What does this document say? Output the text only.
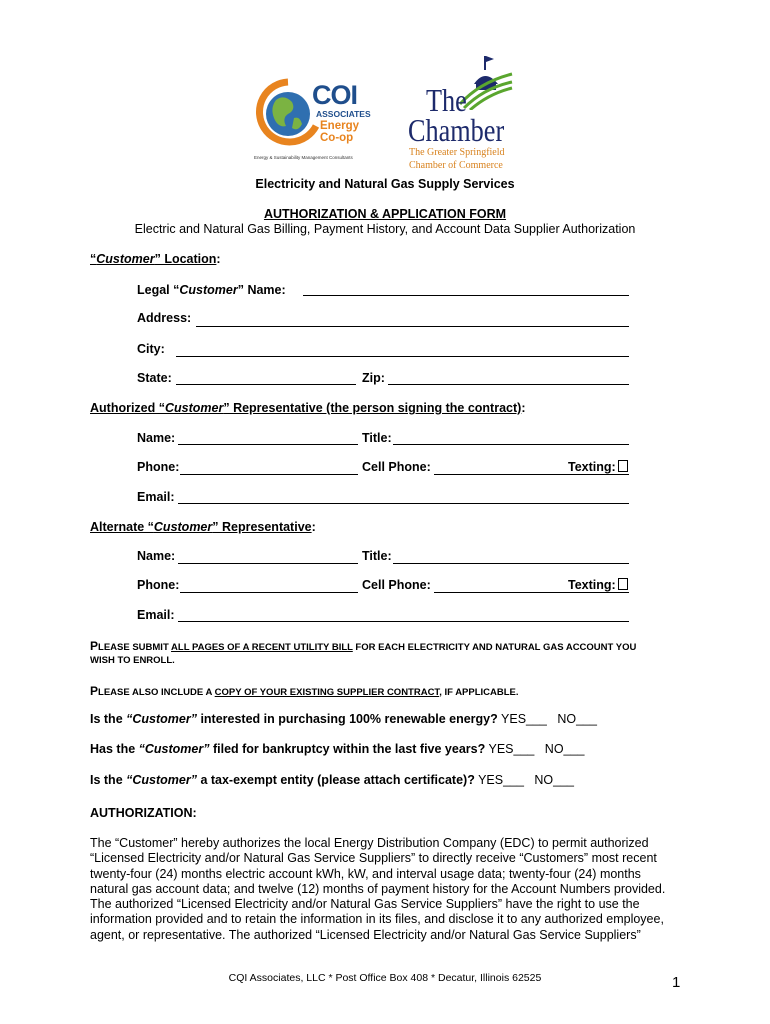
COI
ASSOCIATES
Energy
Co-op
Energy & Sustainability Management Consultants
The
Chamber
The Greater Springfield
Chamber of Commerce
Electricity and Natural Gas Supply Services
AUTHORIZATION & APPLICATION FORM
Electric and Natural Gas Billing, Payment History, and Account Data Supplier Authorization
“Customer” Location:
Legal “Customer” Name:
Address:
City:
State:	Zip:
Authorized “Customer” Representative (the person signing the contract):
Name:	Title:
Phone:	Cell Phone:	Texting:
Email:
Alternate “Customer” Representative:
Name:	Title:
Phone:	Cell Phone:	Texting:
Email:
PLEASE SUBMIT ALL PAGES OF A RECENT UTILITY BILL FOR EACH ELECTRICITY AND NATURAL GAS ACCOUNT YOU
WISH TO ENROLL.
PLEASE ALSO INCLUDE A COPY OF YOUR EXISTING SUPPLIER CONTRACT, IF APPLICABLE.
Is the “Customer” interested in purchasing 100% renewable energy? YES___ NO___
Has the “Customer” filed for bankruptcy within the last five years? YES___ NO___
Is the “Customer” a tax-exempt entity (please attach certificate)? YES___ NO___
AUTHORIZATION:
The “Customer” hereby authorizes the local Energy Distribution Company (EDC) to permit authorized
“Licensed Electricity and/or Natural Gas Service Suppliers” to directly receive “Customers” most recent
twenty-four (24) months electric account kWh, kW, and interval usage data; twenty-four (24) months
natural gas account data; and twelve (12) months of payment history for the Account Numbers provided.
The authorized “Licensed Electricity and/or Natural Gas Service Suppliers” have the right to use the
information provided and to retain the information in its files, and disclose it to any authorized employee,
agent, or representative. The authorized “Licensed Electricity and/or Natural Gas Service Suppliers”
CQI Associates, LLC * Post Office Box 408 * Decatur, Illinois 62525	1
